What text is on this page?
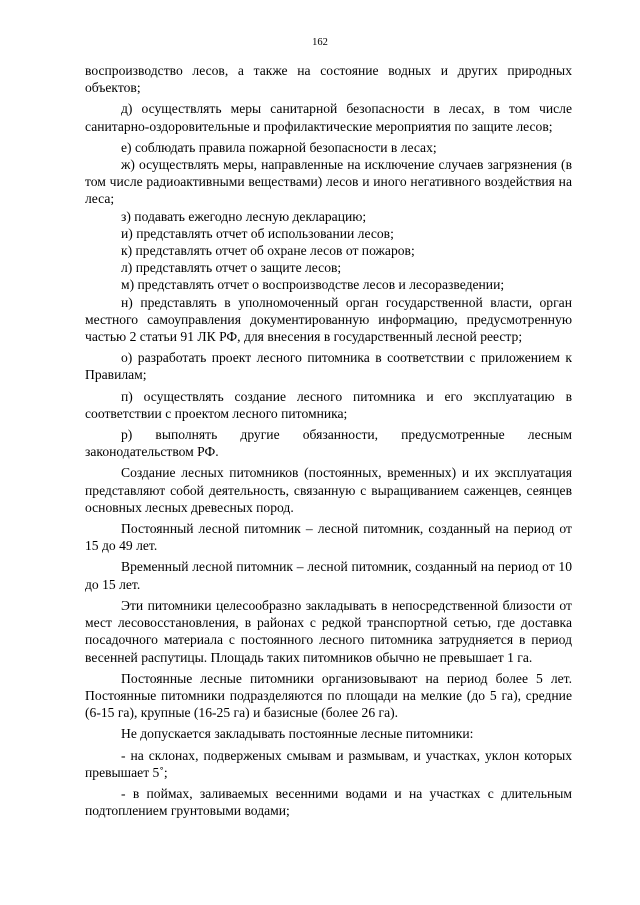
162

воспроизводство лесов, а также на состояние водных и других природных объектов;

д) осуществлять меры санитарной безопасности в лесах, в том числе санитарно-оздоровительные и профилактические мероприятия по защите лесов;

е) соблюдать правила пожарной безопасности в лесах;

ж) осуществлять меры, направленные на исключение случаев загрязнения (в том числе радиоактивными веществами) лесов и иного негативного воздействия на леса;

з) подавать ежегодно лесную декларацию;

и) представлять отчет об использовании лесов;

к) представлять отчет об охране лесов от пожаров;

л) представлять отчет о защите лесов;

м) представлять отчет о воспроизводстве лесов и лесоразведении;

н) представлять в уполномоченный орган государственной власти, орган местного самоуправления документированную информацию, предусмотренную частью 2 статьи 91 ЛК РФ, для внесения в государственный лесной реестр;

о) разработать проект лесного питомника в соответствии с приложением к Правилам;

п) осуществлять создание лесного питомника и его эксплуатацию в соответствии с проектом лесного питомника;

р) выполнять другие обязанности, предусмотренные лесным законодательством РФ.

Создание лесных питомников (постоянных, временных) и их эксплуатация представляют собой деятельность, связанную с выращиванием саженцев, сеянцев основных лесных древесных пород.

Постоянный лесной питомник – лесной питомник, созданный на период от 15 до 49 лет.

Временный лесной питомник – лесной питомник, созданный на период от 10 до 15 лет.

Эти питомники целесообразно закладывать в непосредственной близости от мест лесовосстановления, в районах с редкой транспортной сетью, где доставка посадочного материала с постоянного лесного питомника затрудняется в период весенней распутицы. Площадь таких питомников обычно не превышает 1 га.

Постоянные лесные питомники организовывают на период более 5 лет. Постоянные питомники подразделяются по площади на мелкие (до 5 га), средние (6-15 га), крупные (16-25 га) и базисные (более 26 га).

Не допускается закладывать постоянные лесные питомники:

- на склонах, подверженых смывам и размывам, и участках, уклон которых превышает 5˚;

- в поймах, заливаемых весенними водами и на участках с длительным подтоплением грунтовыми водами;
